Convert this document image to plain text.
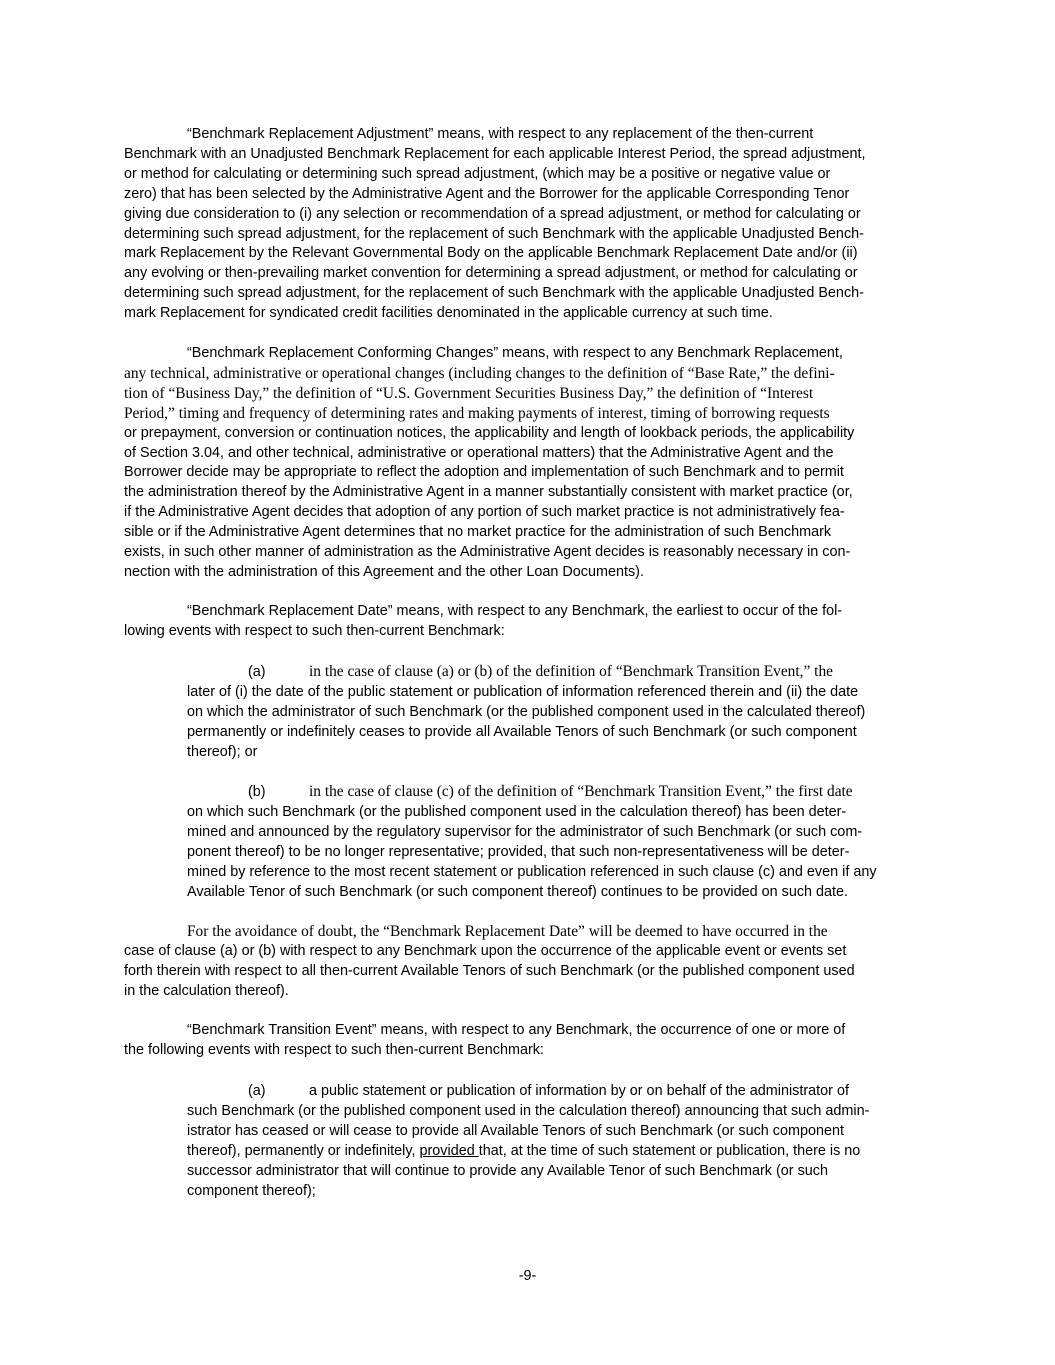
“Benchmark Replacement Adjustment” means, with respect to any replacement of the then-current
Benchmark with an Unadjusted Benchmark Replacement for each applicable Interest Period, the spread adjustment,
or method for calculating or determining such spread adjustment, (which may be a positive or negative value or
zero) that has been selected by the Administrative Agent and the Borrower for the applicable Corresponding Tenor
giving due consideration to (i) any selection or recommendation of a spread adjustment, or method for calculating or
determining such spread adjustment, for the replacement of such Benchmark with the applicable Unadjusted Bench-
mark Replacement by the Relevant Governmental Body on the applicable Benchmark Replacement Date and/or (ii)
any evolving or then-prevailing market convention for determining a spread adjustment, or method for calculating or
determining such spread adjustment, for the replacement of such Benchmark with the applicable Unadjusted Bench-
mark Replacement for syndicated credit facilities denominated in the applicable currency at such time.

“Benchmark Replacement Conforming Changes” means, with respect to any Benchmark Replacement,
any technical, administrative or operational changes (including changes to the definition of “Base Rate,” the defini-
tion of “Business Day,” the definition of “U.S. Government Securities Business Day,” the definition of “Interest
Period,” timing and frequency of determining rates and making payments of interest, timing of borrowing requests
or prepayment, conversion or continuation notices, the applicability and length of lookback periods, the applicability
of Section 3.04, and other technical, administrative or operational matters) that the Administrative Agent and the
Borrower decide may be appropriate to reflect the adoption and implementation of such Benchmark and to permit
the administration thereof by the Administrative Agent in a manner substantially consistent with market practice (or,
if the Administrative Agent decides that adoption of any portion of such market practice is not administratively fea-
sible or if the Administrative Agent determines that no market practice for the administration of such Benchmark
exists, in such other manner of administration as the Administrative Agent decides is reasonably necessary in con-
nection with the administration of this Agreement and the other Loan Documents).

“Benchmark Replacement Date” means, with respect to any Benchmark, the earliest to occur of the fol-
lowing events with respect to such then-current Benchmark:

(a)	in the case of clause (a) or (b) of the definition of “Benchmark Transition Event,” the
later of (i) the date of the public statement or publication of information referenced therein and (ii) the date
on which the administrator of such Benchmark (or the published component used in the calculated thereof)
permanently or indefinitely ceases to provide all Available Tenors of such Benchmark (or such component
thereof); or

(b)	in the case of clause (c) of the definition of “Benchmark Transition Event,” the first date
on which such Benchmark (or the published component used in the calculation thereof) has been deter-
mined and announced by the regulatory supervisor for the administrator of such Benchmark (or such com-
ponent thereof) to be no longer representative; provided, that such non-representativeness will be deter-
mined by reference to the most recent statement or publication referenced in such clause (c) and even if any
Available Tenor of such Benchmark (or such component thereof) continues to be provided on such date.

For the avoidance of doubt, the “Benchmark Replacement Date” will be deemed to have occurred in the
case of clause (a) or (b) with respect to any Benchmark upon the occurrence of the applicable event or events set
forth therein with respect to all then-current Available Tenors of such Benchmark (or the published component used
in the calculation thereof).

“Benchmark Transition Event” means, with respect to any Benchmark, the occurrence of one or more of
the following events with respect to such then-current Benchmark:

(a)	a public statement or publication of information by or on behalf of the administrator of
such Benchmark (or the published component used in the calculation thereof) announcing that such admin-
istrator has ceased or will cease to provide all Available Tenors of such Benchmark (or such component
thereof), permanently or indefinitely, provided that, at the time of such statement or publication, there is no
successor administrator that will continue to provide any Available Tenor of such Benchmark (or such
component thereof);

-9-
